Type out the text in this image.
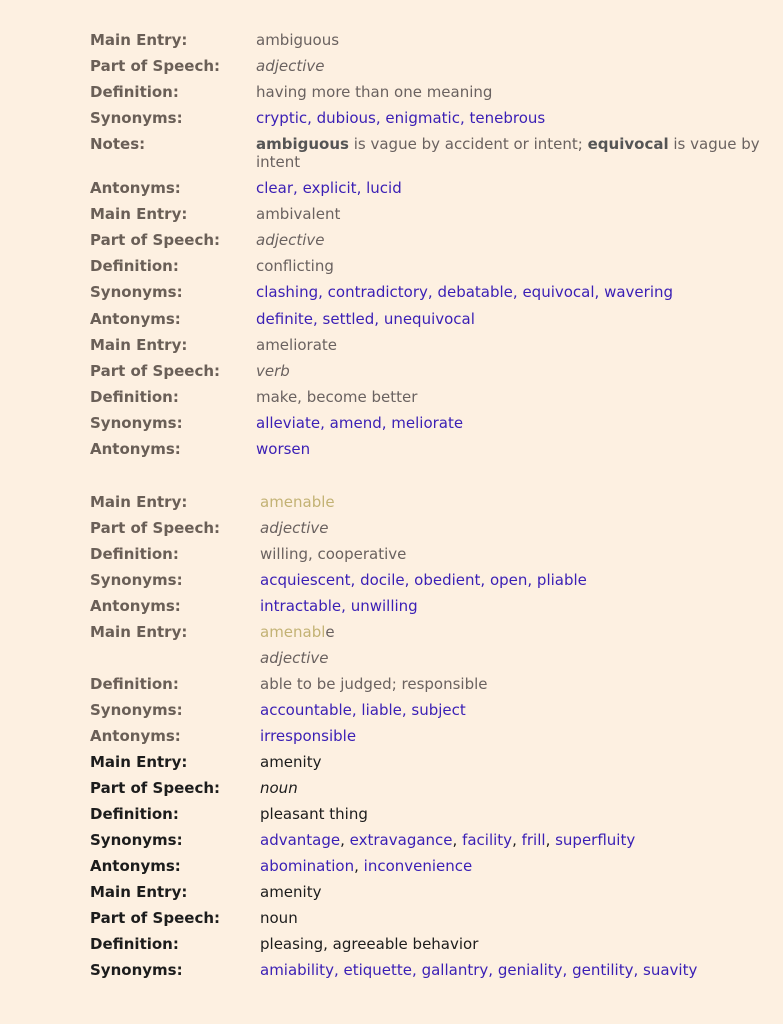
Main Entry:	ambiguous
Part of Speech: adjective
Definition:	having more than one meaning
Synonyms:	cryptic, dubious, enigmatic, tenebrous
Notes:	ambiguous is vague by accident or intent; equivocal is vague by intent
Antonyms:	clear, explicit, lucid
Main Entry:	ambivalent
Part of Speech: adjective
Definition:	conflicting
Synonyms:	clashing, contradictory, debatable, equivocal, wavering
Antonyms:	definite, settled, unequivocal
Main Entry:	ameliorate
Part of Speech: verb
Definition:	make, become better
Synonyms:	alleviate, amend, meliorate
Antonyms:	worsen
Main Entry:	amenable
Part of Speech:	adjective
Definition:	willing, cooperative
Synonyms:	acquiescent, docile, obedient, open, pliable
Antonyms:	intractable, unwilling
Main Entry:	amenable
adjective
Definition:	able to be judged; responsible
Synonyms:	accountable, liable, subject
Antonyms:	irresponsible
Main Entry:	amenity
Part of Speech:	noun
Definition:	pleasant thing
Synonyms:	advantage, extravagance, facility, frill, superfluity
Antonyms:	abomination, inconvenience
Main Entry:	amenity
Part of Speech:	noun
Definition:	pleasing, agreeable behavior
Synonyms:	amiability, etiquette, gallantry, geniality, gentility, suavity
